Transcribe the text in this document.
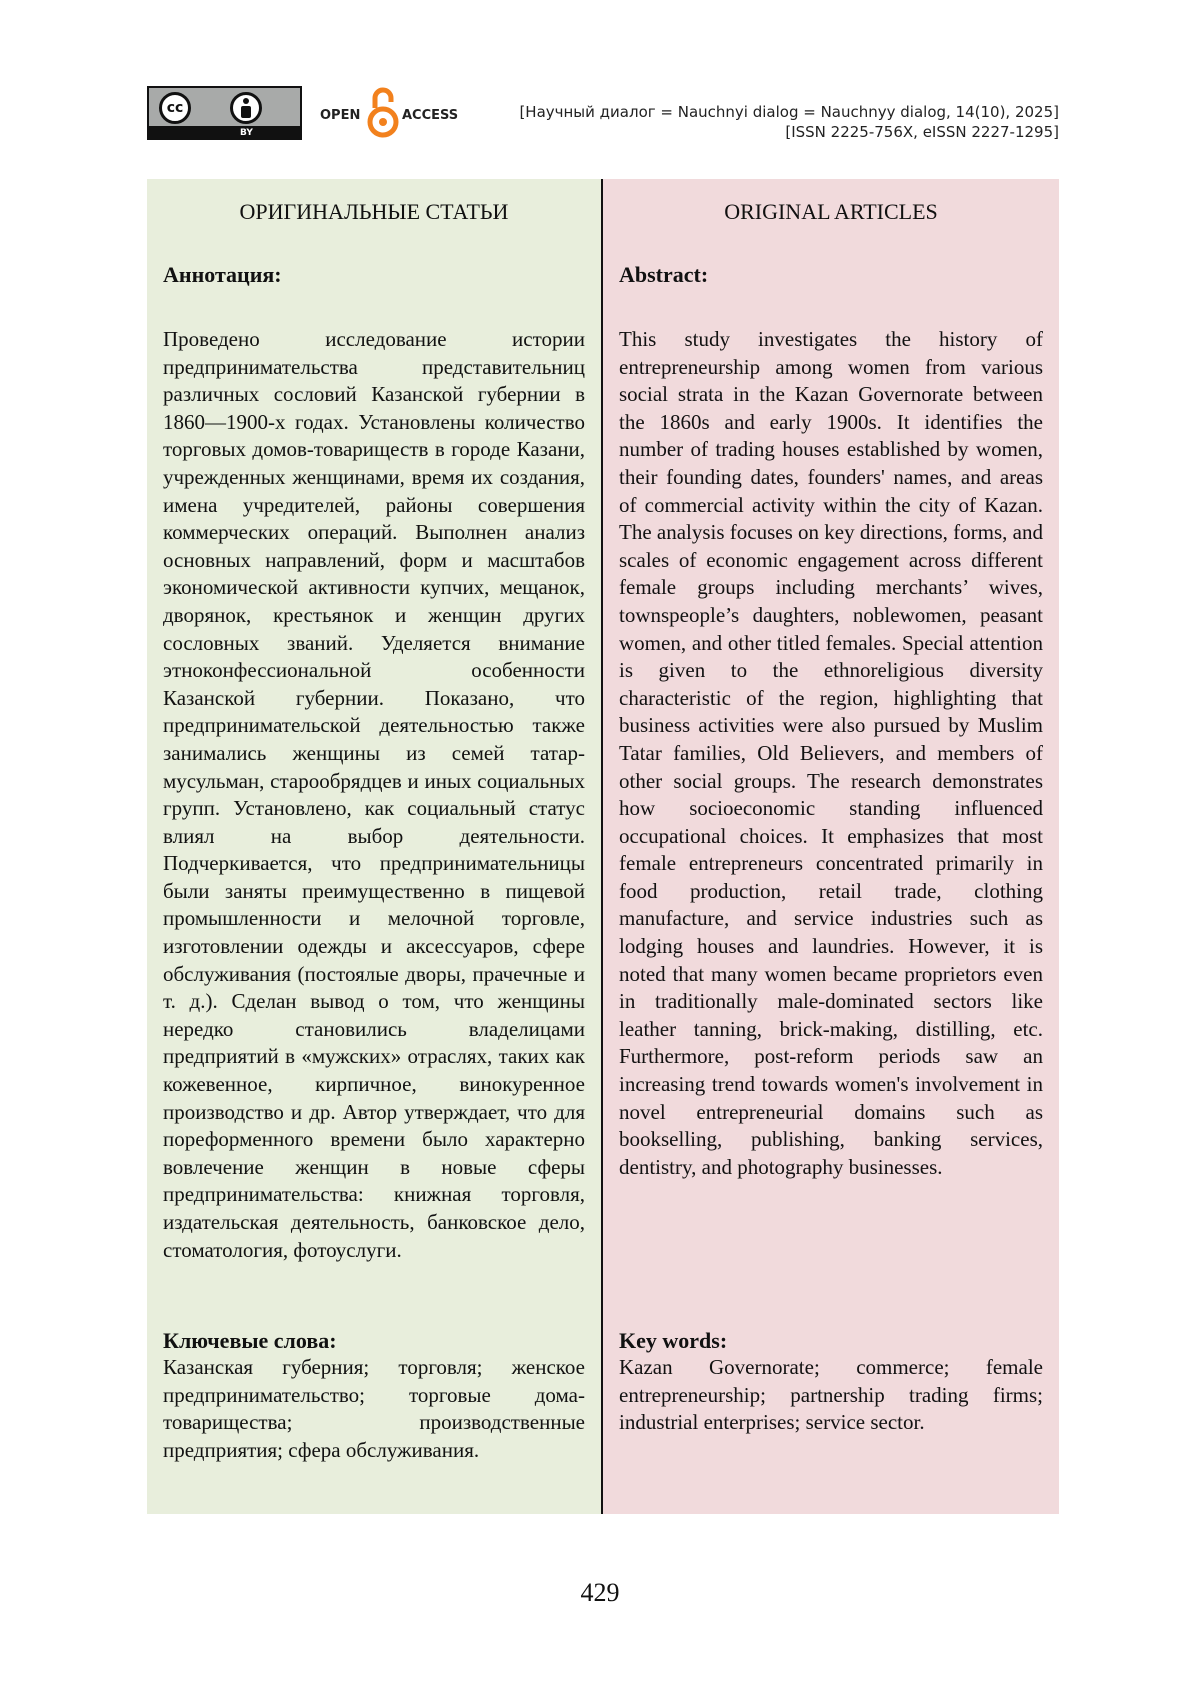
cc
BY
OPEN	ACCESS	[Научный диалог = Nauchnyi dialog = Nauchnyy dialog, 14(10), 2025]
[ISSN 2225-756X, eISSN 2227-1295]
ОРИГИНАЛЬНЫЕ СТАТЬИ

Аннотация:

Проведено исследование истории предпринимательства представительниц различных сословий Казанской губернии в 1860—1900-х годах. Установлены количество торговых домов-товариществ в городе Казани, учрежденных женщинами, время их создания, имена учредителей, районы совершения коммерческих операций. Выполнен анализ основных направлений, форм и масштабов экономической активности купчих, мещанок, дворянок, крестьянок и женщин других сословных званий. Уделяется внимание этноконфессиональной особенности Казанской губернии. Показано, что предпринимательской деятельностью также занимались женщины из семей татар-мусульман, старообрядцев и иных социальных групп. Установлено, как социальный статус влиял на выбор деятельности. Подчеркивается, что предпринимательницы были заняты преимущественно в пищевой промышленности и мелочной торговле, изготовлении одежды и аксессуаров, сфере обслуживания (постоялые дворы, прачечные и т. д.). Сделан вывод о том, что женщины нередко становились владелицами предприятий в «мужских» отраслях, таких как кожевенное, кирпичное, винокуренное производство и др. Автор утверждает, что для пореформенного времени было характерно вовлечение женщин в новые сферы предпринимательства: книжная торговля, издательская деятельность, банковское дело, стоматология, фотоуслуги.

Ключевые слова:

Казанская губерния; торговля; женское предпринимательство; торговые дома-товарищества; производственные предприятия; сфера обслуживания.
ORIGINAL ARTICLES

Abstract:

This study investigates the history of entrepreneurship among women from various social strata in the Kazan Governorate between the 1860s and early 1900s. It identifies the number of trading houses established by women, their founding dates, founders' names, and areas of commercial activity within the city of Kazan. The analysis focuses on key directions, forms, and scales of economic engagement across different female groups including merchants’ wives, townspeople’s daughters, noblewomen, peasant women, and other titled females. Special attention is given to the ethnoreligious diversity characteristic of the region, highlighting that business activities were also pursued by Muslim Tatar families, Old Believers, and members of other social groups. The research demonstrates how socioeconomic standing influenced occupational choices. It emphasizes that most female entrepreneurs concentrated primarily in food production, retail trade, clothing manufacture, and service industries such as lodging houses and laundries. However, it is noted that many women became proprietors even in traditionally male-dominated sectors like leather tanning, brick-making, distilling, etc. Furthermore, post-reform periods saw an increasing trend towards women's involvement in novel entrepreneurial domains such as bookselling, publishing, banking services, dentistry, and photography businesses.

Key words:

Kazan Governorate; commerce; female entrepreneurship; partnership trading firms; industrial enterprises; service sector.
429
